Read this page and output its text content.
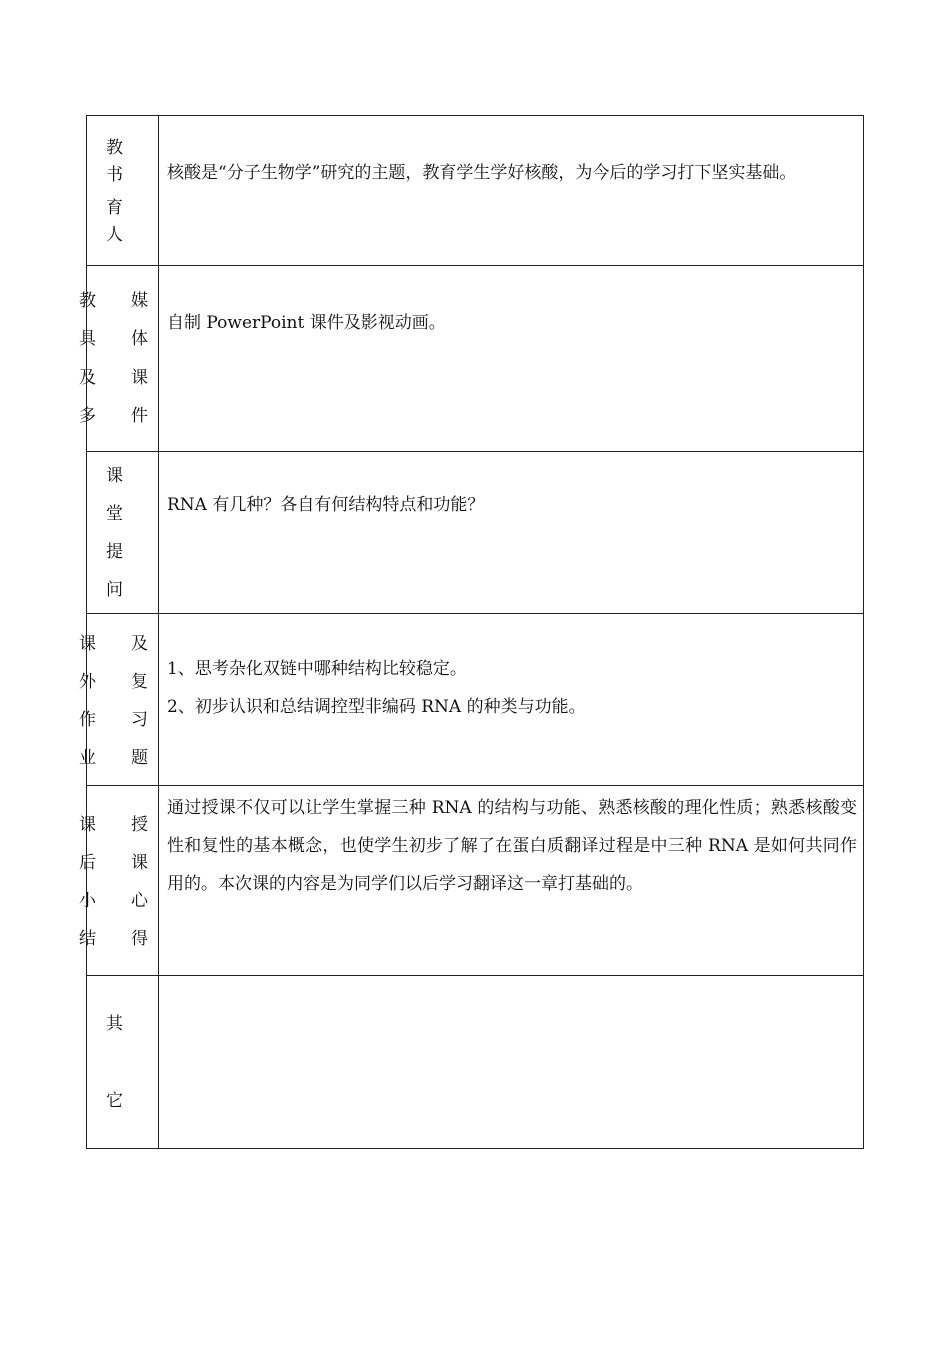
教
书
育
人
核酸是“分子生物学”研究的主题，教育学生学好核酸，为今后的学习打下坚实基础。
教
具
及
多
媒
体
课
件
自制 PowerPoint 课件及影视动画。
课
堂
提
问
RNA 有几种？各自有何结构特点和功能？
课
外
作
业
及
复
习
题
1、思考杂化双链中哪种结构比较稳定。
2、初步认识和总结调控型非编码 RNA 的种类与功能。
课
后
小
结
授
课
心
得
通过授课不仅可以让学生掌握三种 RNA 的结构与功能、熟悉核酸的理化性质；熟悉核酸变性和复性的基本概念，也使学生初步了解了在蛋白质翻译过程是中三种 RNA 是如何共同作用的。本次课的内容是为同学们以后学习翻译这一章打基础的。
其
它
